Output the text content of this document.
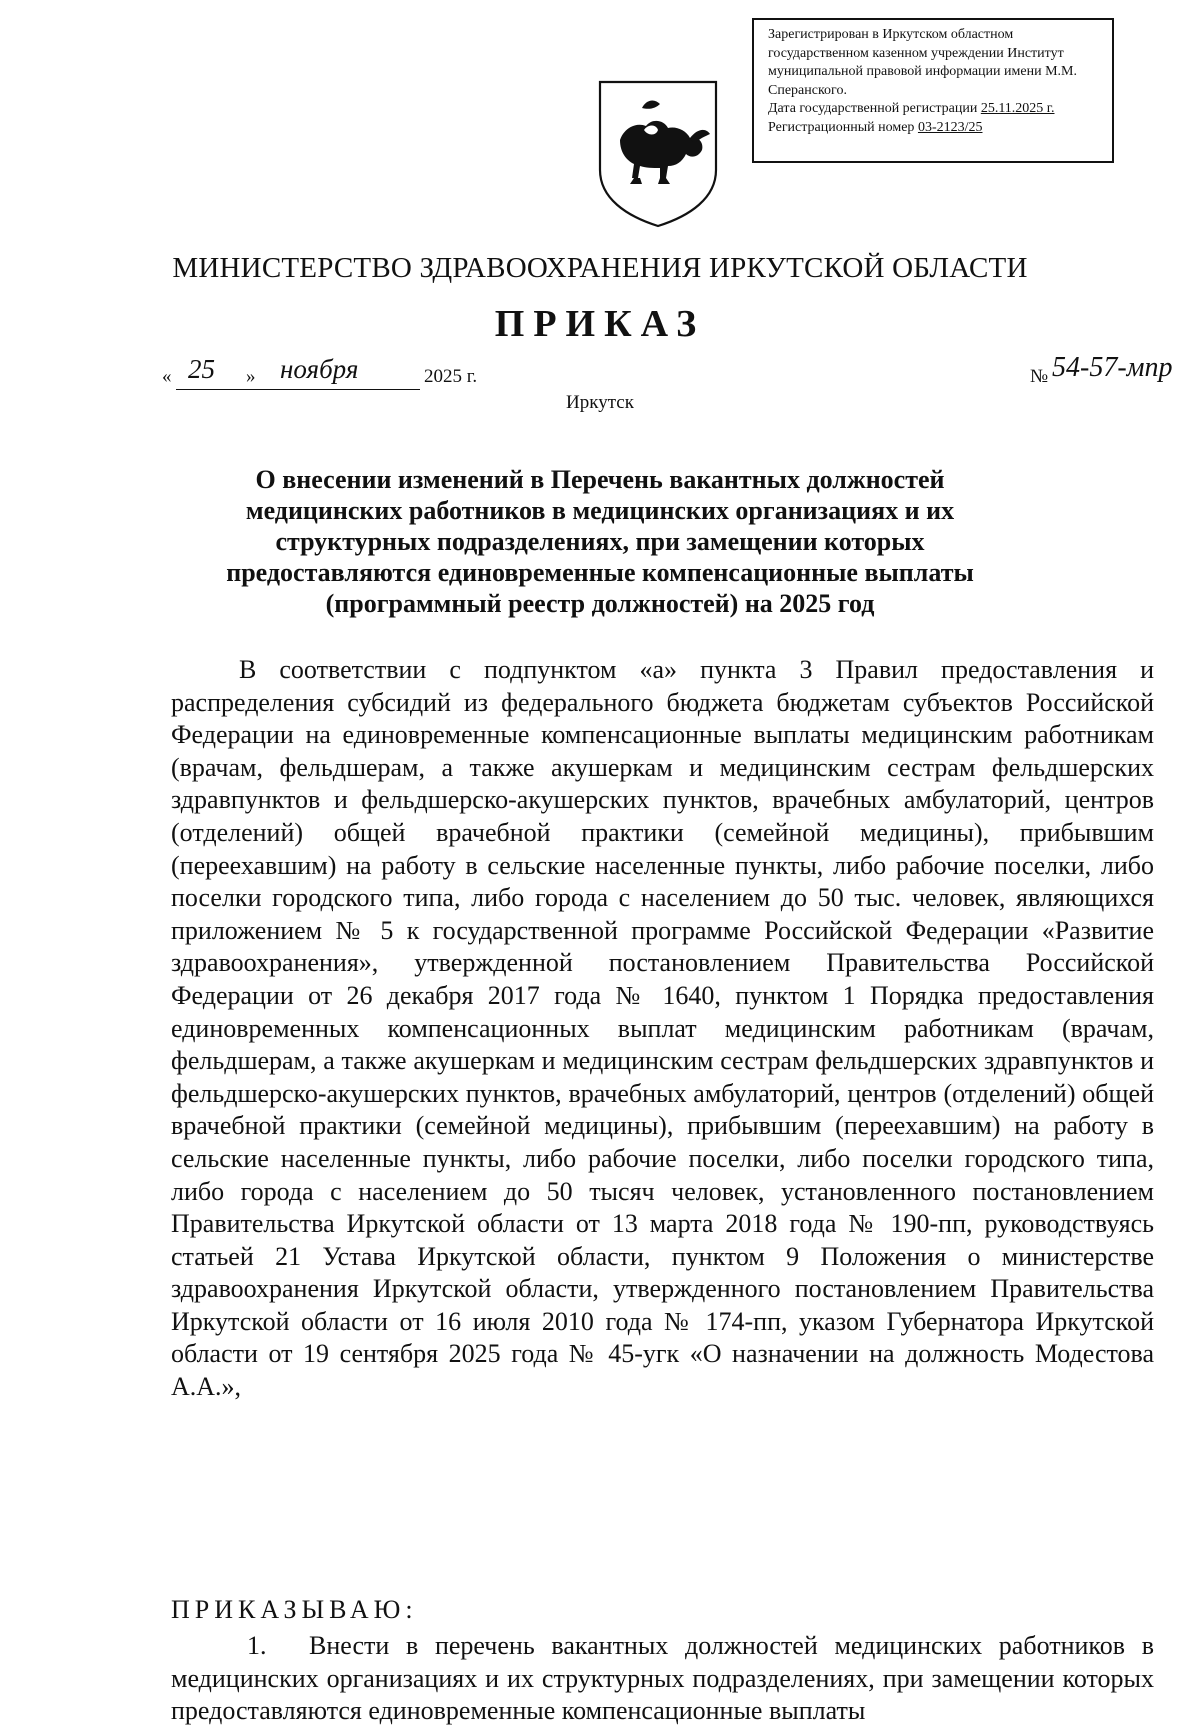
Зарегистрирован в Иркутском областном
государственном казенном учреждении Институт
муниципальной правовой информации имени М.М.
Сперанского.
Дата государственной регистрации 25.11.2025 г.
Регистрационный номер 03-2123/25
МИНИСТЕРСТВО ЗДРАВООХРАНЕНИЯ ИРКУТСКОЙ ОБЛАСТИ
ПРИКАЗ
« 25 » ноября	2025 г.	№ 54-57-мпр
Иркутск
О внесении изменений в Перечень вакантных должностей медицинских работников в медицинских организациях и их структурных подразделениях, при замещении которых предоставляются единовременные компенсационные выплаты (программный реестр должностей) на 2025 год
В соответствии с подпунктом «а» пункта 3 Правил предоставления и распределения субсидий из федерального бюджета бюджетам субъектов Российской Федерации на единовременные компенсационные выплаты медицинским работникам (врачам, фельдшерам, а также акушеркам и медицинским сестрам фельдшерских здравпунктов и фельдшерско-акушерских пунктов, врачебных амбулаторий, центров (отделений) общей врачебной практики (семейной медицины), прибывшим (переехавшим) на работу в сельские населенные пункты, либо рабочие поселки, либо поселки городского типа, либо города с населением до 50 тыс. человек, являющихся приложением № 5 к государственной программе Российской Федерации «Развитие здравоохранения», утвержденной постановлением Правительства Российской Федерации от 26 декабря 2017 года № 1640, пунктом 1 Порядка предоставления единовременных компенсационных выплат медицинским работникам (врачам, фельдшерам, а также акушеркам и медицинским сестрам фельдшерских здравпунктов и фельдшерско-акушерских пунктов, врачебных амбулаторий, центров (отделений) общей врачебной практики (семейной медицины), прибывшим (переехавшим) на работу в сельские населенные пункты, либо рабочие поселки, либо поселки городского типа, либо города с населением до 50 тысяч человек, установленного постановлением Правительства Иркутской области от 13 марта 2018 года № 190-пп, руководствуясь статьей 21 Устава Иркутской области, пунктом 9 Положения о министерстве здравоохранения Иркутской области, утвержденного постановлением Правительства Иркутской области от 16 июля 2010 года № 174-пп, указом Губернатора Иркутской области от 19 сентября 2025 года № 45-угк «О назначении на должность Модестова А.А.»,
ПРИКАЗЫВАЮ:
1. Внести в перечень вакантных должностей медицинских работников в медицинских организациях и их структурных подразделениях, при замещении которых предоставляются единовременные компенсационные выплаты
